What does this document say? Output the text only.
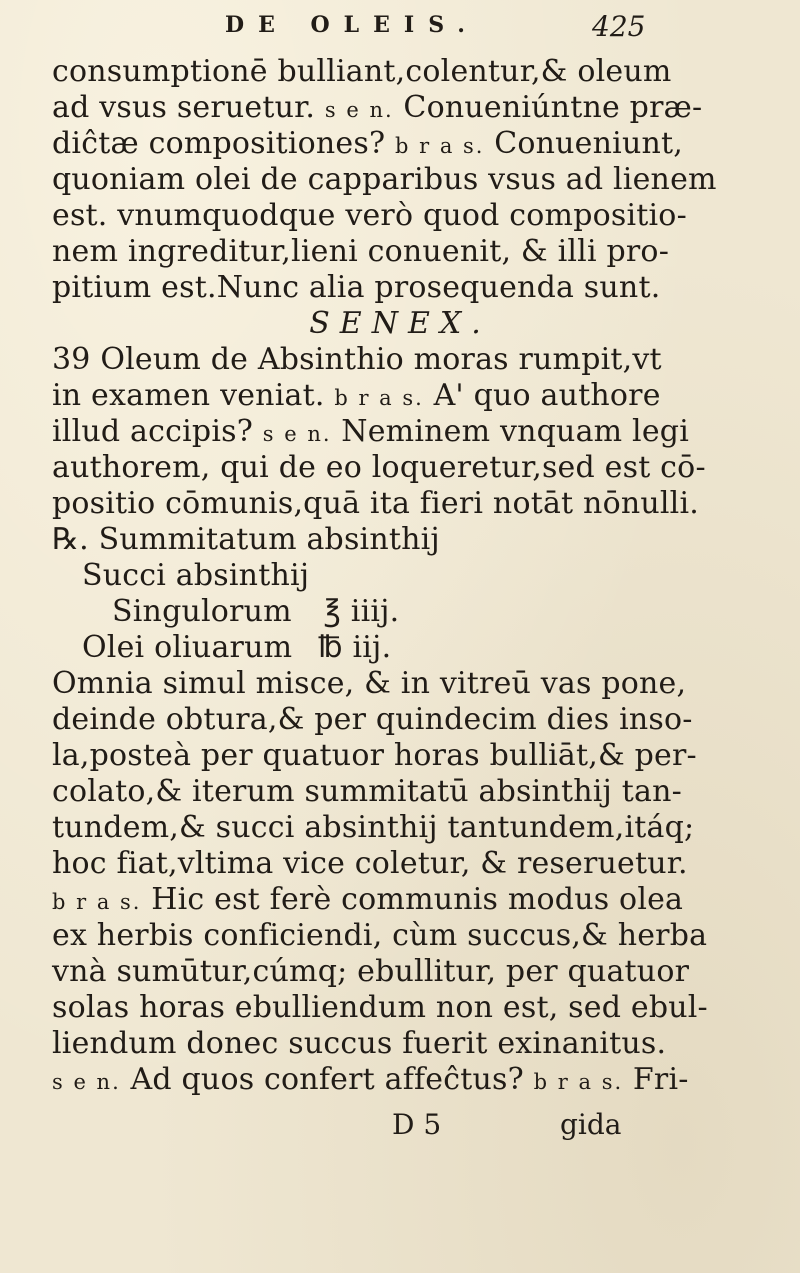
DE OLEIS.	425
consumptionē bulliant,colentur,& oleum
ad vsus seruetur. s e n. Conueniúntne præ-
diĉtæ compositiones? b r a s. Conueniunt,
quoniam olei de capparibus vsus ad lienem
est. vnumquodque verò quod compositio-
nem ingreditur,lieni conuenit, & illi pro-
pitium est.Nunc alia prosequenda sunt.
SENEX.
39 Oleum de Absinthio moras rumpit,vt
in examen veniat. b r a s. A' quo authore
illud accipis? s e n. Neminem vnquam legi
authorem, qui de eo loqueretur,sed est cō-
positio cōmunis,quā ita fieri notāt nōnulli.
℞. Summitatum absinthij
Succi absinthij
Singulorum ℥ iiij.
Olei oliuarum ℔ iij.
Omnia simul misce, & in vitreū vas pone,
deinde obtura,& per quindecim dies inso-
la,posteà per quatuor horas bulliāt,& per-
colato,& iterum summitatū absinthij tan-
tundem,& succi absinthij tantundem,itáq;
hoc fiat,vltima vice coletur, & reseruetur.
b r a s. Hic est ferè communis modus olea
ex herbis conficiendi, cùm succus,& herba
vnà sumūtur,cúmq; ebullitur, per quatuor
solas horas ebulliendum non est, sed ebul-
liendum donec succus fuerit exinanitus.
s e n. Ad quos confert affeĉtus? b r a s. Fri-
D 5	gida
